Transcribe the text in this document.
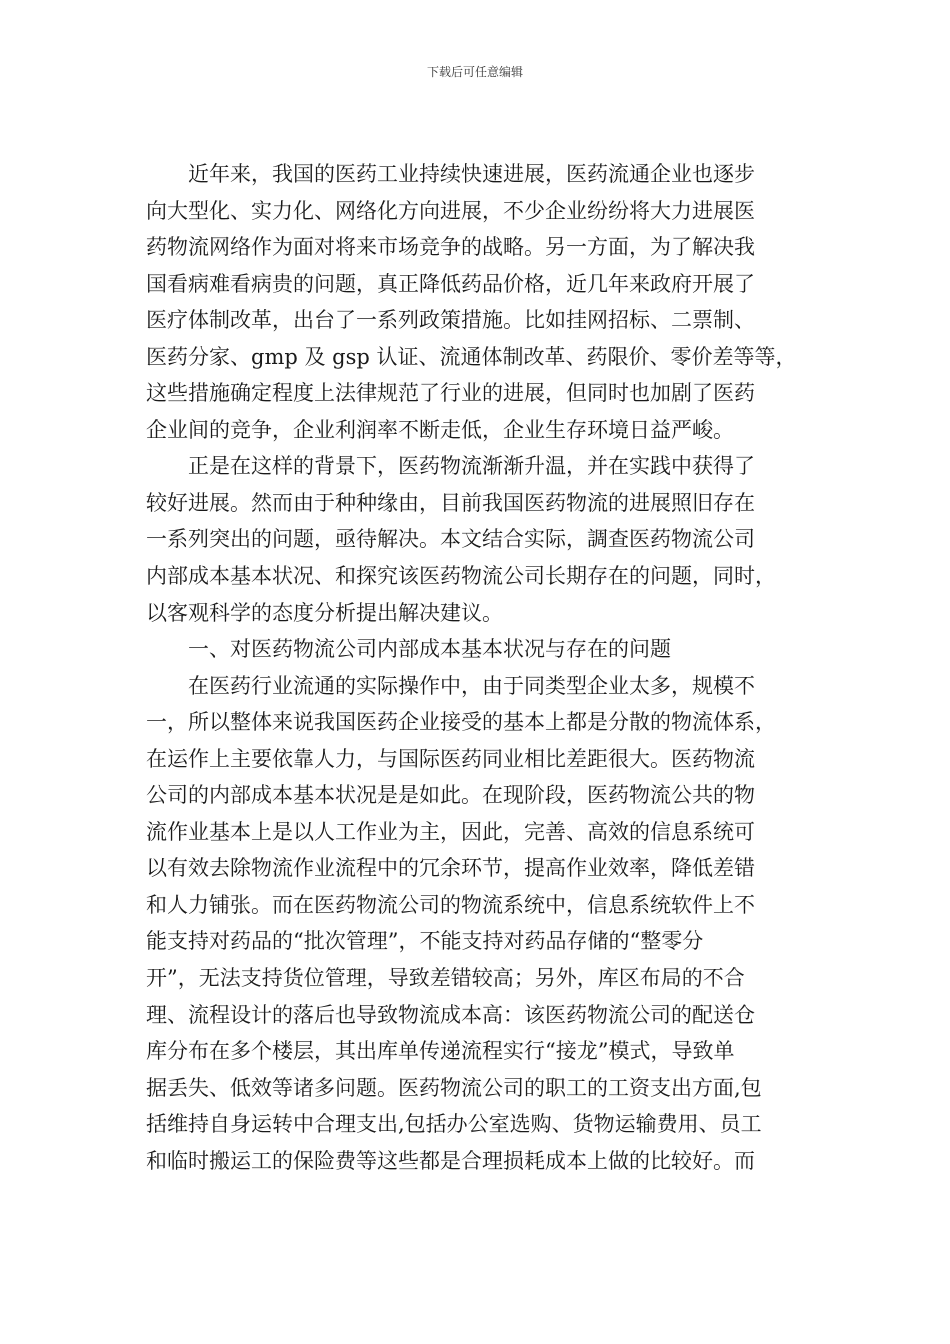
下载后可任意编辑
近年来，我国的医药工业持续快速进展，医药流通企业也逐步
向大型化、实力化、网络化方向进展，不少企业纷纷将大力进展医
药物流网络作为面对将来市场竞争的战略。另一方面，为了解决我
国看病难看病贵的问题，真正降低药品价格，近几年来政府开展了
医疗体制改革，出台了一系列政策措施。比如挂网招标、二票制、
医药分家、gmp 及 gsp 认证、流通体制改革、药限价、零价差等等，
这些措施确定程度上法律规范了行业的进展，但同时也加剧了医药
企业间的竞争，企业利润率不断走低，企业生存环境日益严峻。
正是在这样的背景下，医药物流渐渐升温，并在实践中获得了
较好进展。然而由于种种缘由，目前我国医药物流的进展照旧存在
一系列突出的问题，亟待解决。本文结合实际，調查医药物流公司
内部成本基本状况、和探究该医药物流公司长期存在的问题，同时，
以客观科学的态度分析提出解决建议。
一、对医药物流公司内部成本基本状况与存在的问题
在医药行业流通的实际操作中，由于同类型企业太多，规模不
一，所以整体来说我国医药企业接受的基本上都是分散的物流体系，
在运作上主要依靠人力，与国际医药同业相比差距很大。医药物流
公司的内部成本基本状况是是如此。在现阶段，医药物流公共的物
流作业基本上是以人工作业为主，因此，完善、高效的信息系统可
以有效去除物流作业流程中的冗余环节，提高作业效率，降低差错
和人力铺张。而在医药物流公司的物流系统中，信息系统软件上不
能支持对药品的“批次管理”，不能支持对药品存储的“整零分
开”，无法支持货位管理，导致差错较高；另外，库区布局的不合
理、流程设计的落后也导致物流成本高：该医药物流公司的配送仓
库分布在多个楼层，其出库单传递流程实行“接龙”模式，导致单
据丢失、低效等诸多问题。医药物流公司的职工的工资支出方面,包
括维持自身运转中合理支出,包括办公室选购、货物运输费用、员工
和临时搬运工的保险费等这些都是合理损耗成本上做的比较好。而
